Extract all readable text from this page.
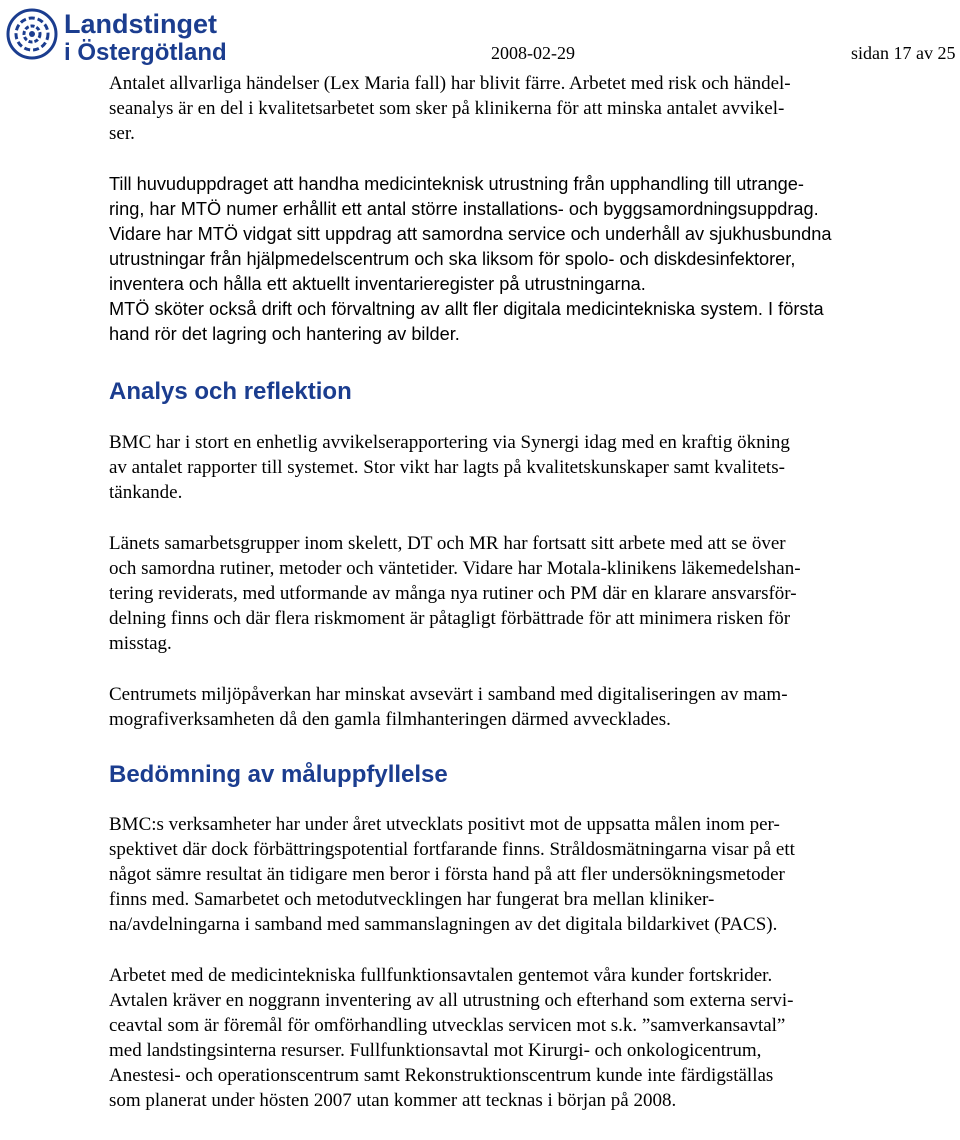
Landstinget
i Östergötland	2008-02-29	sidan 17 av 25
Antalet allvarliga händelser (Lex Maria fall) har blivit färre. Arbetet med risk och händel-
seanalys är en del i kvalitetsarbetet som sker på klinikerna för att minska antalet avvikel-
ser.
Till huvuduppdraget att handha medicinteknisk utrustning från upphandling till utrange-
ring, har MTÖ numer erhållit ett antal större installations- och byggsamordningsuppdrag.
Vidare har MTÖ vidgat sitt uppdrag att samordna service och underhåll av sjukhusbundna
utrustningar från hjälpmedelscentrum och ska liksom för spolo- och diskdesinfektorer,
inventera och hålla ett aktuellt inventarieregister på utrustningarna.
MTÖ sköter också drift och förvaltning av allt fler digitala medicintekniska system. I första
hand rör det lagring och hantering av bilder.
Analys och reflektion
BMC har i stort en enhetlig avvikelserapportering via Synergi idag med en kraftig ökning
av antalet rapporter till systemet. Stor vikt har lagts på kvalitetskunskaper samt kvalitets-
tänkande.
Länets samarbetsgrupper inom skelett, DT och MR har fortsatt sitt arbete med att se över
och samordna rutiner, metoder och väntetider. Vidare har Motala-klinikens läkemedelshan-
tering reviderats, med utformande av många nya rutiner och PM där en klarare ansvarsför-
delning finns och där flera riskmoment är påtagligt förbättrade för att minimera risken för
misstag.
Centrumets miljöpåverkan har minskat avsevärt i samband med digitaliseringen av mam-
mografiverksamheten då den gamla filmhanteringen därmed avvecklades.
Bedömning av måluppfyllelse
BMC:s verksamheter har under året utvecklats positivt mot de uppsatta målen inom per-
spektivet där dock förbättringspotential fortfarande finns. Stråldosmätningarna visar på ett
något sämre resultat än tidigare men beror i första hand på att fler undersökningsmetoder
finns med. Samarbetet och metodutvecklingen har fungerat bra mellan kliniker-
na/avdelningarna i samband med sammanslagningen av det digitala bildarkivet (PACS).
Arbetet med de medicintekniska fullfunktionsavtalen gentemot våra kunder fortskrider.
Avtalen kräver en noggrann inventering av all utrustning och efterhand som externa servi-
ceavtal som är föremål för omförhandling utvecklas servicen mot s.k. ”samverkansavtal”
med landstingsinterna resurser. Fullfunktionsavtal mot Kirurgi- och onkologicentrum,
Anestesi- och operationscentrum samt Rekonstruktionscentrum kunde inte färdigställas
som planerat under hösten 2007 utan kommer att tecknas i början på 2008.
